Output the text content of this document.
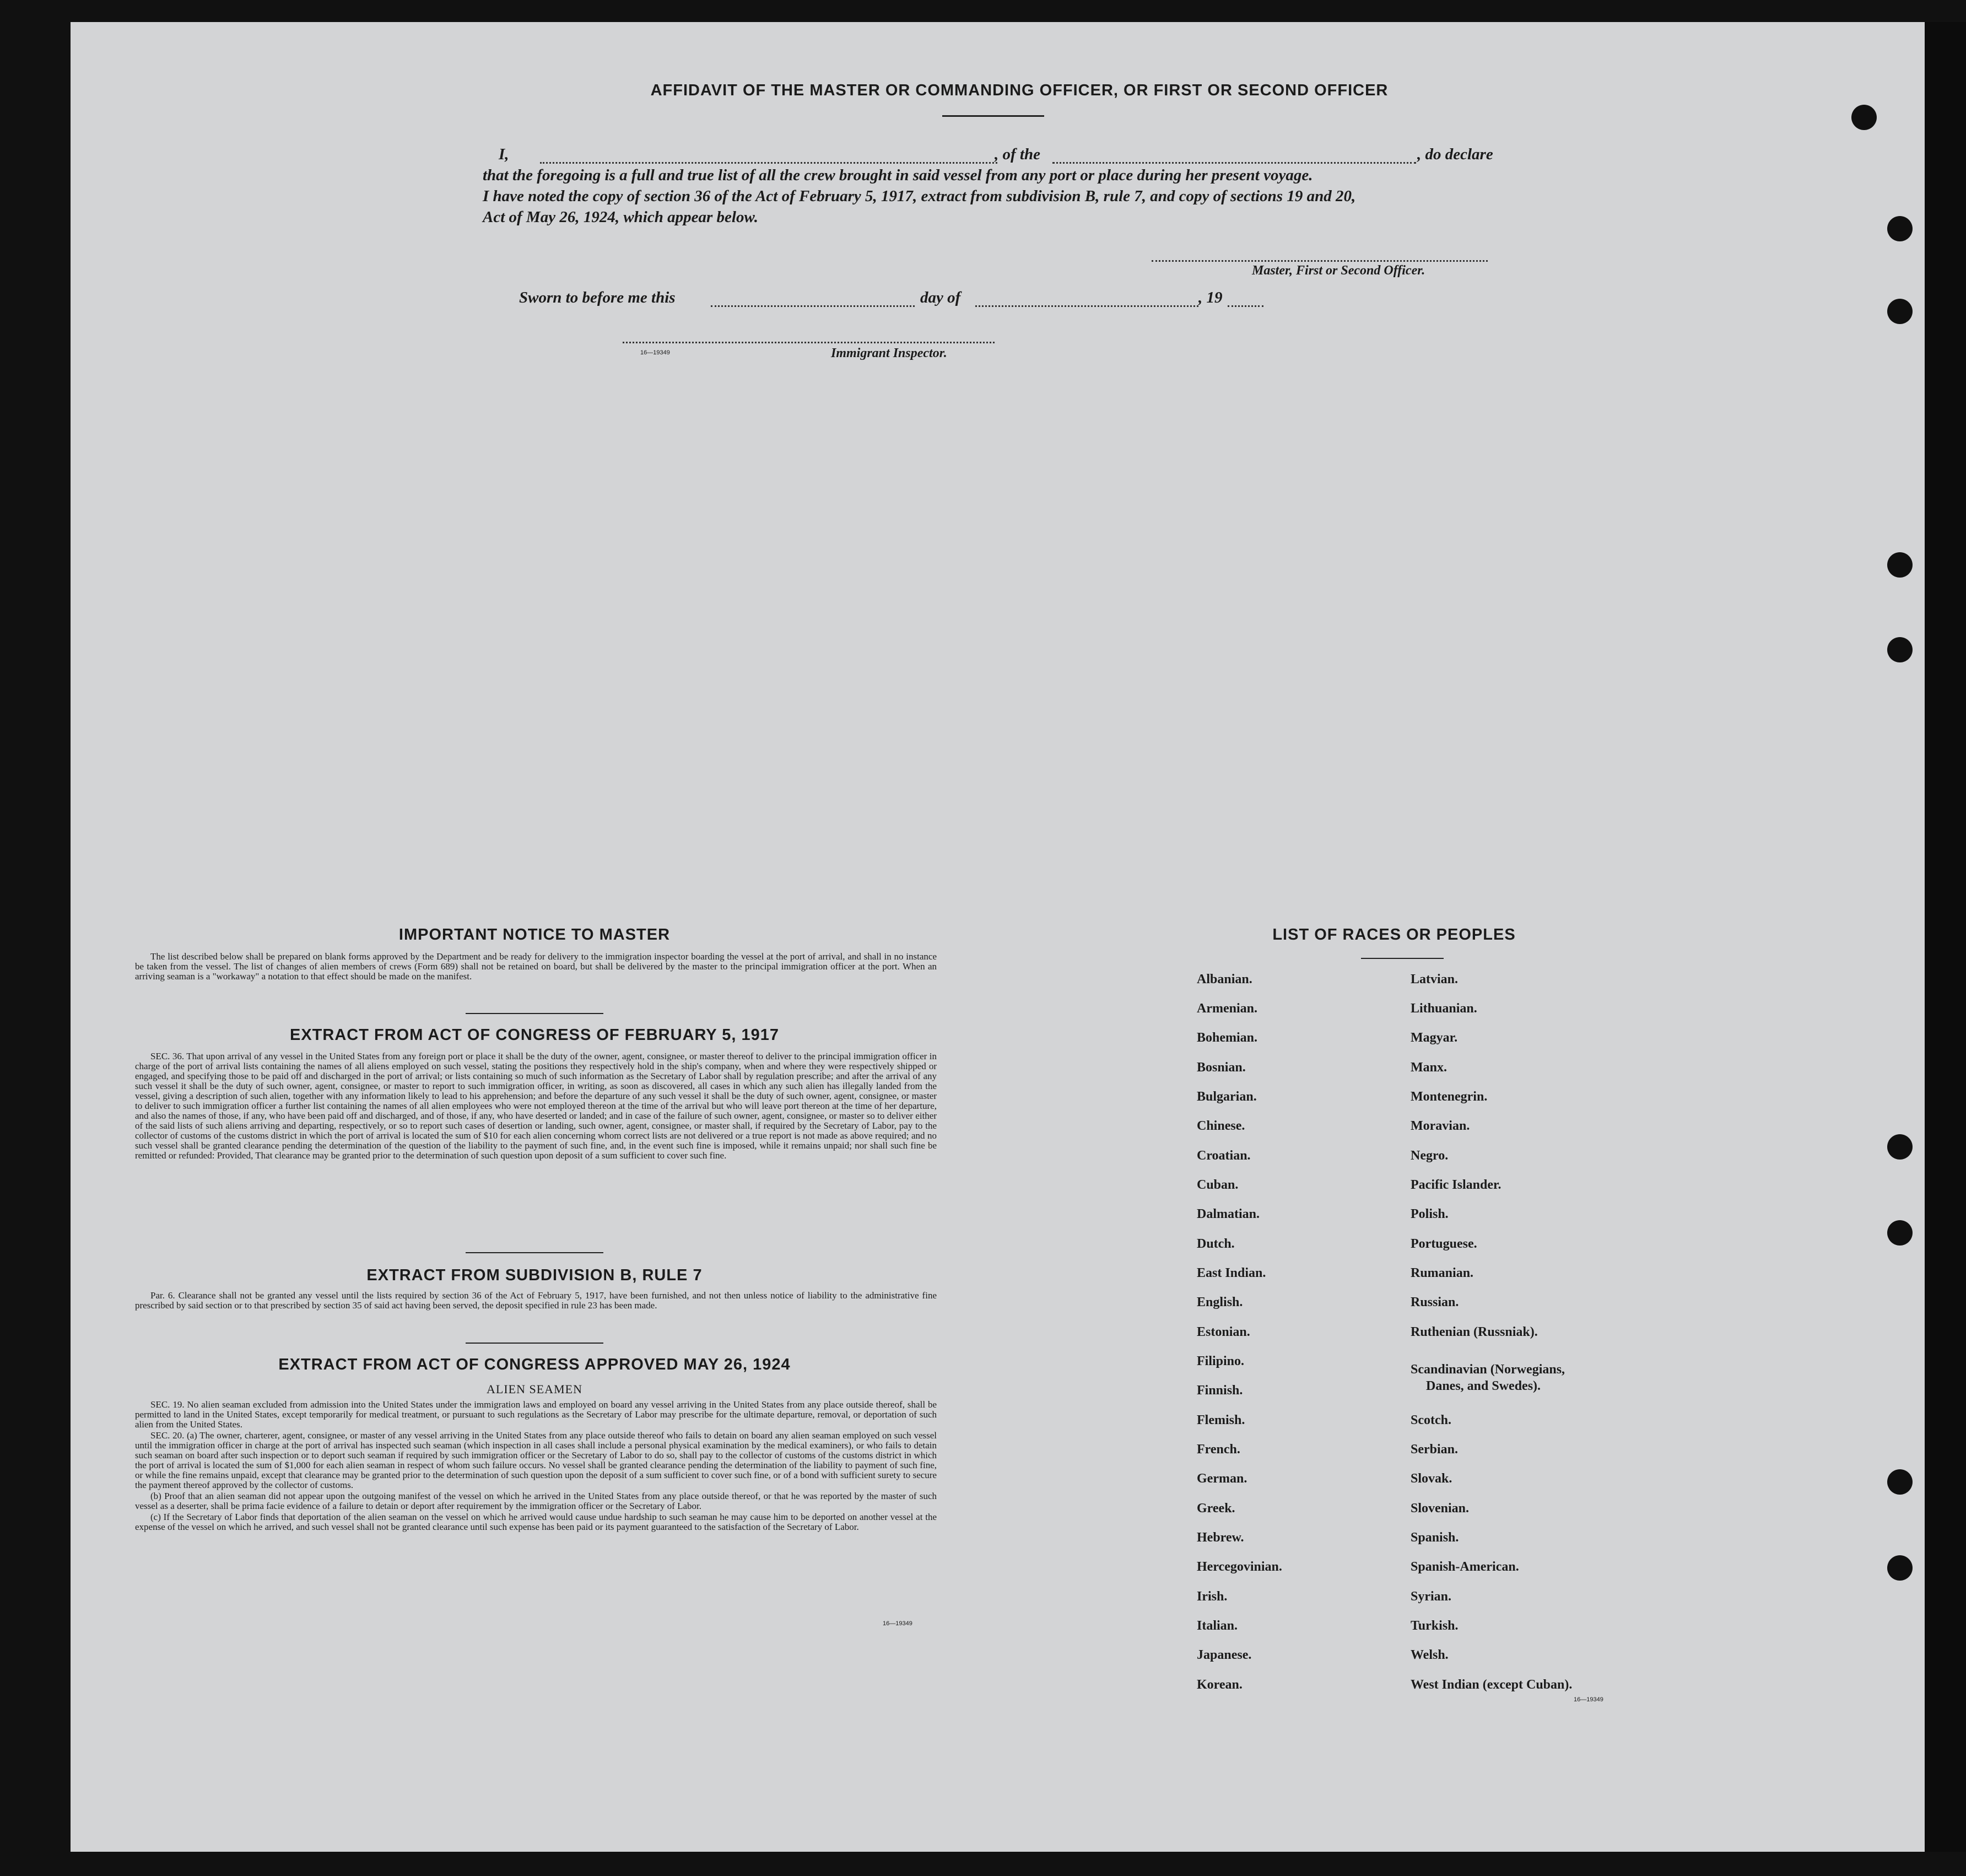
AFFIDAVIT OF THE MASTER OR COMMANDING OFFICER, OR FIRST OR SECOND OFFICER
I,	, of the	, do declare
that the foregoing is a full and true list of all the crew brought in said vessel from any port or place during her present voyage.
I have noted the copy of section 36 of the Act of February 5, 1917, extract from subdivision B, rule 7, and copy of sections 19 and 20,
Act of May 26, 1924, which appear below.
Master, First or Second Officer.
Sworn to before me this	day of	, 19
16—19349	Immigrant Inspector.
IMPORTANT NOTICE TO MASTER

The list described below shall be prepared on blank forms approved by the Department and be ready for delivery to the immigration inspector boarding the vessel at the port of arrival, and shall in no instance be taken from the vessel. The list of changes of alien members of crews (Form 689) shall not be retained on board, but shall be delivered by the master to the principal immigration officer at the port. When an arriving seaman is a "workaway" a notation to that effect should be made on the manifest.

EXTRACT FROM ACT OF CONGRESS OF FEBRUARY 5, 1917

SEC. 36. That upon arrival of any vessel in the United States from any foreign port or place it shall be the duty of the owner, agent, consignee, or master thereof to deliver to the principal immigration officer in charge of the port of arrival lists containing the names of all aliens employed on such vessel, stating the positions they respectively hold in the ship's company, when and where they were respectively shipped or engaged, and specifying those to be paid off and discharged in the port of arrival; or lists containing so much of such information as the Secretary of Labor shall by regulation prescribe; and after the arrival of any such vessel it shall be the duty of such owner, agent, consignee, or master to report to such immigration officer, in writing, as soon as discovered, all cases in which any such alien has illegally landed from the vessel, giving a description of such alien, together with any information likely to lead to his apprehension; and before the departure of any such vessel it shall be the duty of such owner, agent, consignee, or master to deliver to such immigration officer a further list containing the names of all alien employees who were not employed thereon at the time of the arrival but who will leave port thereon at the time of her departure, and also the names of those, if any, who have been paid off and discharged, and of those, if any, who have deserted or landed; and in case of the failure of such owner, agent, consignee, or master so to deliver either of the said lists of such aliens arriving and departing, respectively, or so to report such cases of desertion or landing, such owner, agent, consignee, or master shall, if required by the Secretary of Labor, pay to the collector of customs of the customs district in which the port of arrival is located the sum of $10 for each alien concerning whom correct lists are not delivered or a true report is not made as above required; and no such vessel shall be granted clearance pending the determination of the question of the liability to the payment of such fine, and, in the event such fine is imposed, while it remains unpaid; nor shall such fine be remitted or refunded: Provided, That clearance may be granted prior to the determination of such question upon deposit of a sum sufficient to cover such fine.

EXTRACT FROM SUBDIVISION B, RULE 7

Par. 6. Clearance shall not be granted any vessel until the lists required by section 36 of the Act of February 5, 1917, have been furnished, and not then unless notice of liability to the administrative fine prescribed by said section or to that prescribed by section 35 of said act having been served, the deposit specified in rule 23 has been made.

EXTRACT FROM ACT OF CONGRESS APPROVED MAY 26, 1924
ALIEN SEAMEN

SEC. 19. No alien seaman excluded from admission into the United States under the immigration laws and employed on board any vessel arriving in the United States from any place outside thereof, shall be permitted to land in the United States, except temporarily for medical treatment, or pursuant to such regulations as the Secretary of Labor may prescribe for the ultimate departure, removal, or deportation of such alien from the United States.

SEC. 20. (a) The owner, charterer, agent, consignee, or master of any vessel arriving in the United States from any place outside thereof who fails to detain on board any alien seaman employed on such vessel until the immigration officer in charge at the port of arrival has inspected such seaman (which inspection in all cases shall include a personal physical examination by the medical examiners), or who fails to detain such seaman on board after such inspection or to deport such seaman if required by such immigration officer or the Secretary of Labor to do so, shall pay to the collector of customs of the customs district in which the port of arrival is located the sum of $1,000 for each alien seaman in respect of whom such failure occurs. No vessel shall be granted clearance pending the determination of the liability to payment of such fine, or while the fine remains unpaid, except that clearance may be granted prior to the determination of such question upon the deposit of a sum sufficient to cover such fine, or of a bond with sufficient surety to secure the payment thereof approved by the collector of customs.

(b) Proof that an alien seaman did not appear upon the outgoing manifest of the vessel on which he arrived in the United States from any place outside thereof, or that he was reported by the master of such vessel as a deserter, shall be prima facie evidence of a failure to detain or deport after requirement by the immigration officer or the Secretary of Labor.

(c) If the Secretary of Labor finds that deportation of the alien seaman on the vessel on which he arrived would cause undue hardship to such seaman he may cause him to be deported on another vessel at the expense of the vessel on which he arrived, and such vessel shall not be granted clearance until such expense has been paid or its payment guaranteed to the satisfaction of the Secretary of Labor.

16—19349
LIST OF RACES OR PEOPLES
Albanian.
Armenian.
Bohemian.
Bosnian.
Bulgarian.
Chinese.
Croatian.
Cuban.
Dalmatian.
Dutch.
East Indian.
English.
Estonian.
Filipino.
Finnish.
Flemish.
French.
German.
Greek.
Hebrew.
Hercegovinian.
Irish.
Italian.
Japanese.
Korean.
Latvian.
Lithuanian.
Magyar.
Manx.
Montenegrin.
Moravian.
Negro.
Pacific Islander.
Polish.
Portuguese.
Rumanian.
Russian.
Ruthenian (Russniak).
Scandinavian (Norwegians,
Danes, and Swedes).
Scotch.
Serbian.
Slovak.
Slovenian.
Spanish.
Spanish-American.
Syrian.
Turkish.
Welsh.
West Indian (except Cuban).
16—19349
